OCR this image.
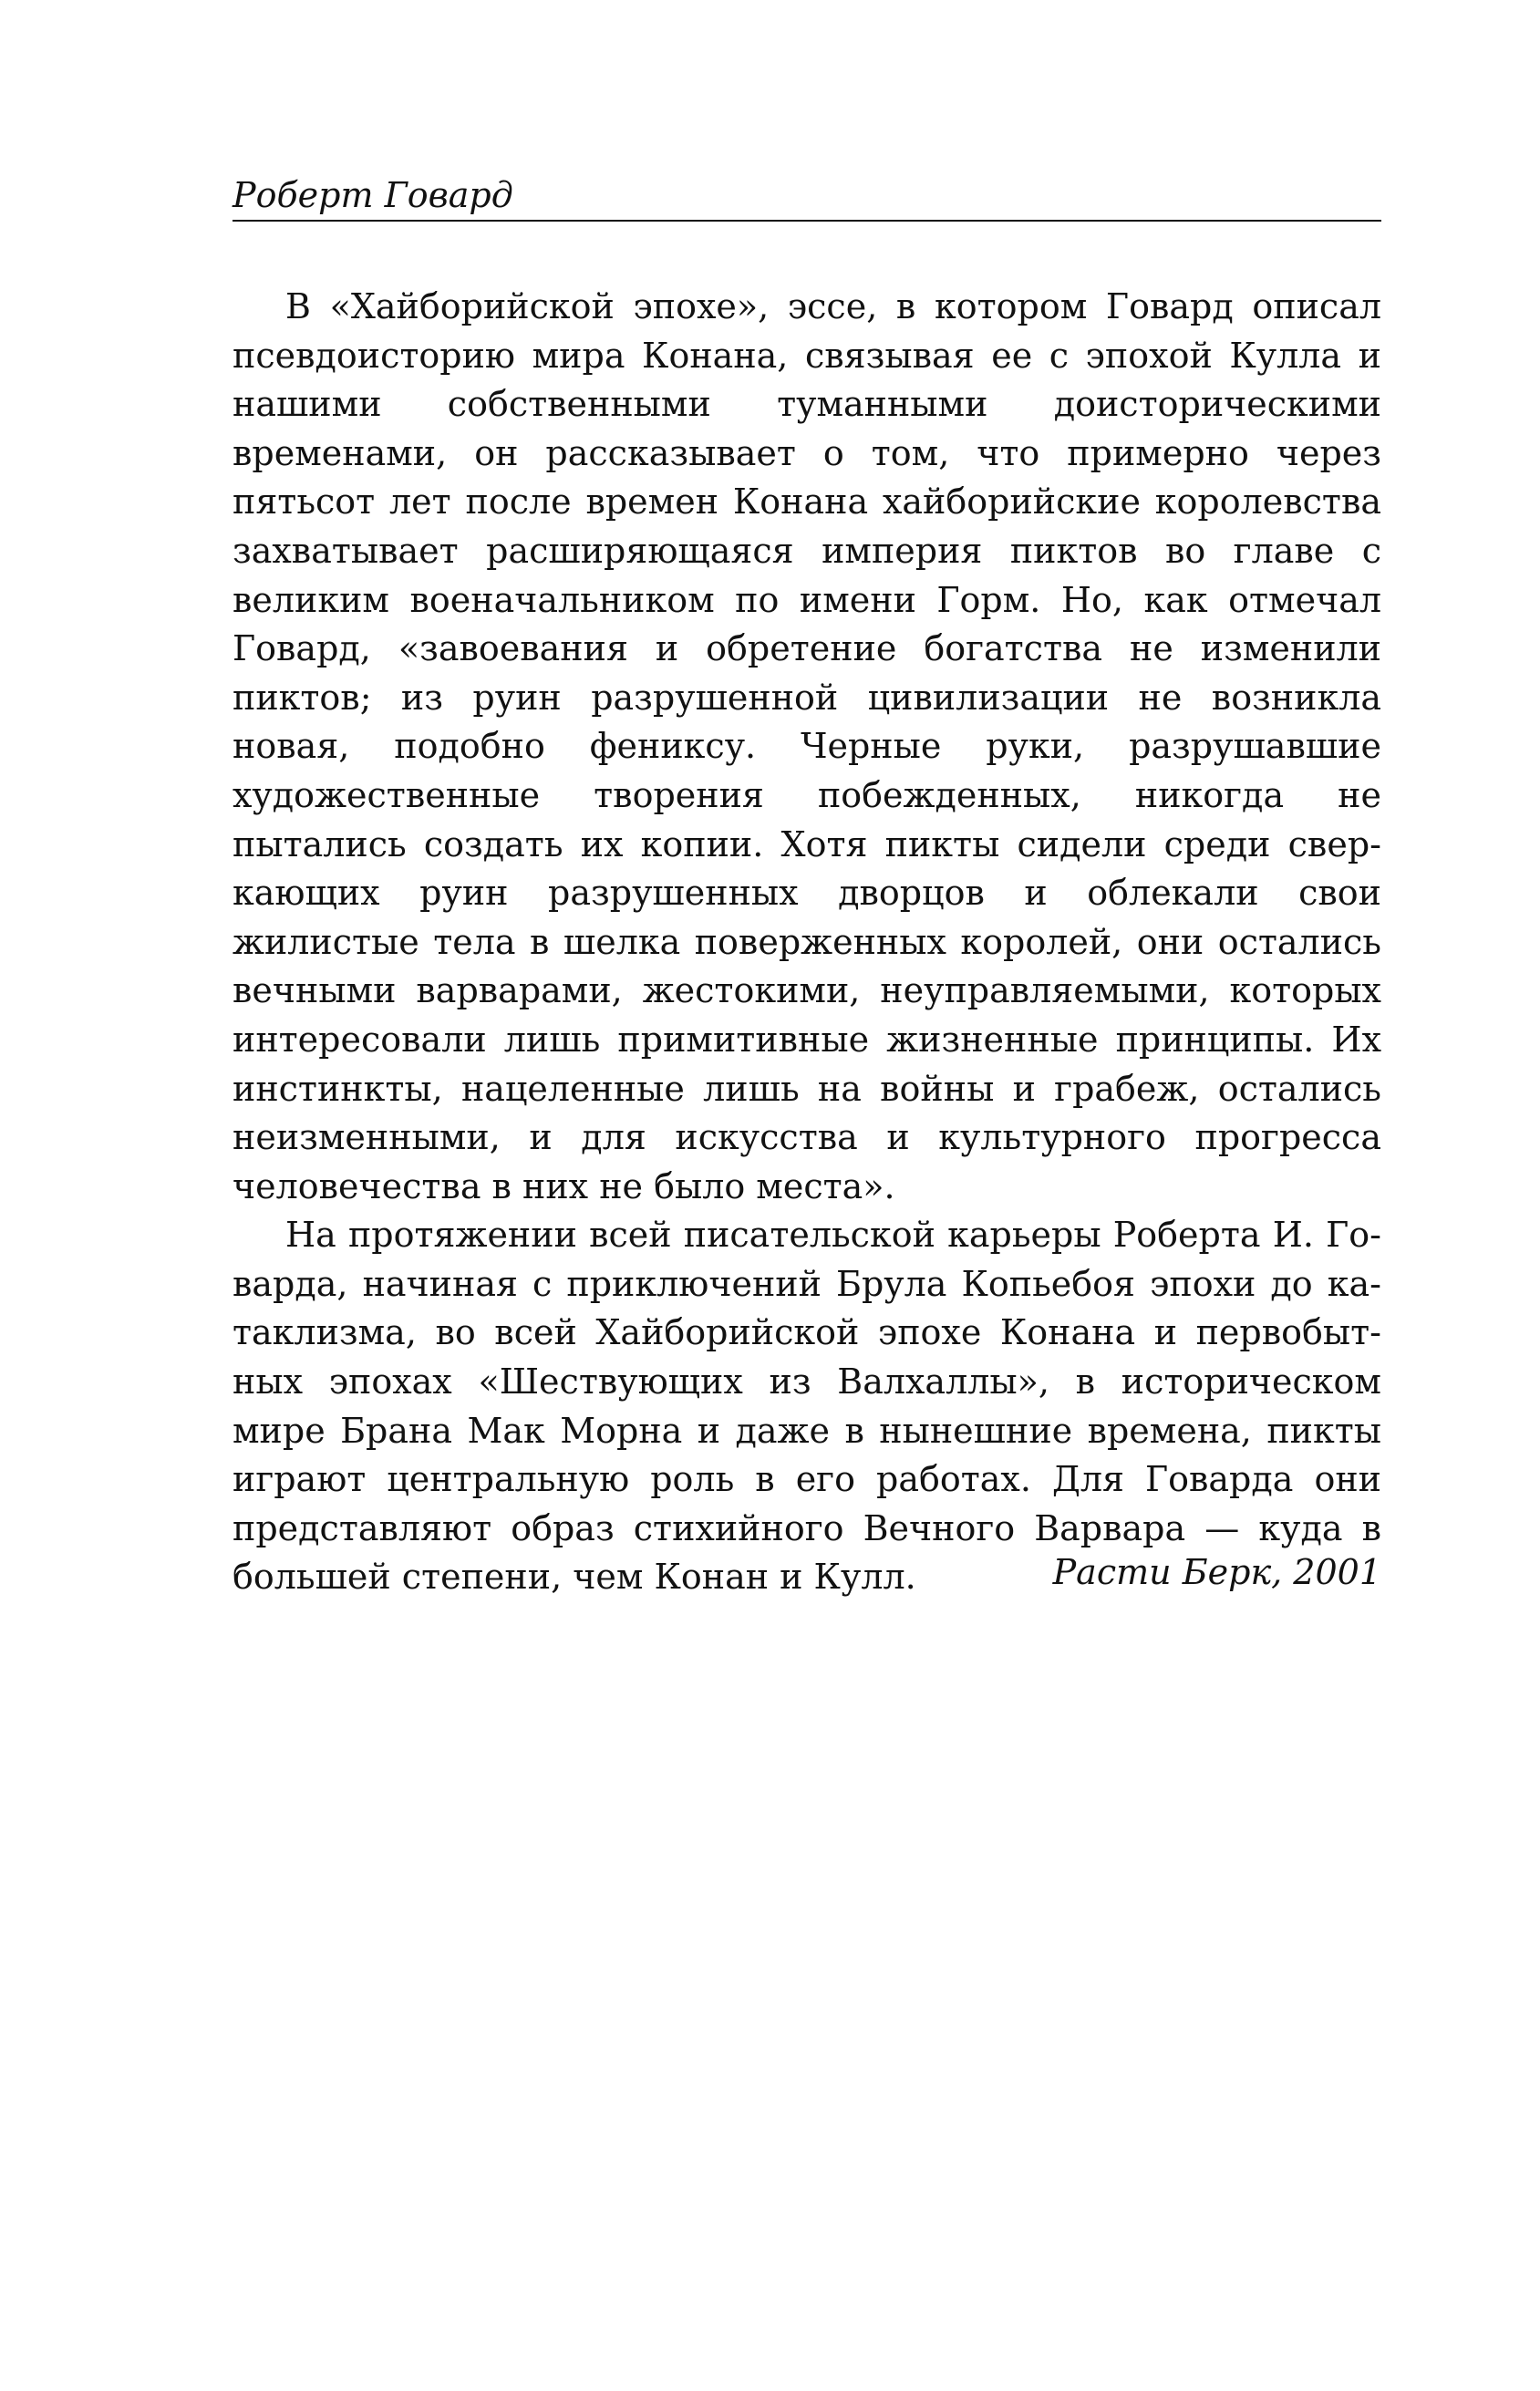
Роберт Говард

В «Хайборийской эпохе», эссе, в котором Говард описал псевдоисторию мира Конана, связывая ее с эпохой Кулла и нашими собственными туманными доисторическими временами, он рассказывает о том, что примерно через пятьсот лет после времен Конана хайборийские королевства захватывает расширяющаяся империя пиктов во главе с великим военачальником по имени Горм. Но, как отмечал Говард, «завоевания и обретение богатства не изменили пиктов; из руин разрушенной цивилизации не возникла новая, подобно фениксу. Черные руки, разрушавшие художественные творения побежденных, никогда не пытались создать их копии. Хотя пикты сидели среди сверкающих руин разрушенных дворцов и облекали свои жилистые тела в шелка поверженных королей, они остались вечными варварами, жестокими, неуправляемыми, которых интересовали лишь примитивные жизненные принципы. Их инстинкты, нацеленные лишь на войны и грабеж, остались неизменными, и для искусства и культурного прогресса человечества в них не было места».

На протяжении всей писательской карьеры Роберта И. Говарда, начиная с приключений Брула Копьебоя эпохи до катаклизма, во всей Хайборийской эпохе Конана и первобытных эпохах «Шествующих из Валхаллы», в историческом мире Брана Мак Морна и даже в нынешние времена, пикты играют центральную роль в его работах. Для Говарда они представляют образ стихийного Вечного Варвара — куда в большей степени, чем Конан и Кулл.	Расти Берк, 2001
